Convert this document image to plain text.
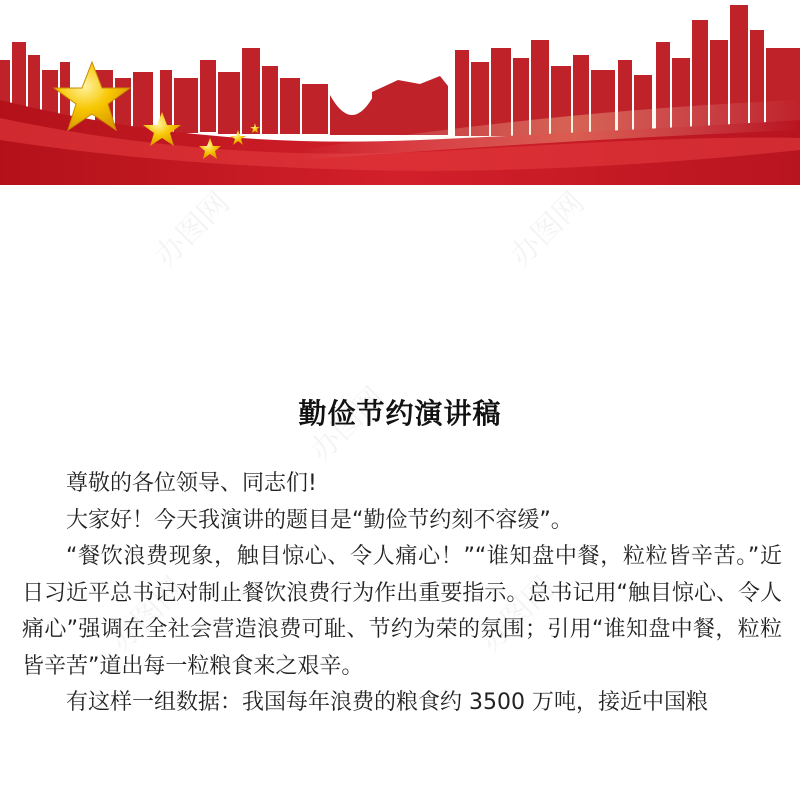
勤俭节约演讲稿

尊敬的各位领导、同志们!

大家好！今天我演讲的题目是“勤俭节约刻不容缓”。

“餐饮浪费现象，触目惊心、令人痛心！”“谁知盘中餐，粒粒皆辛苦。”近日习近平总书记对制止餐饮浪费行为作出重要指示。总书记用“触目惊心、令人痛心”强调在全社会营造浪费可耻、节约为荣的氛围；引用“谁知盘中餐，粒粒皆辛苦”道出每一粒粮食来之艰辛。

有这样一组数据：我国每年浪费的粮食约 3500 万吨，接近中国粮
